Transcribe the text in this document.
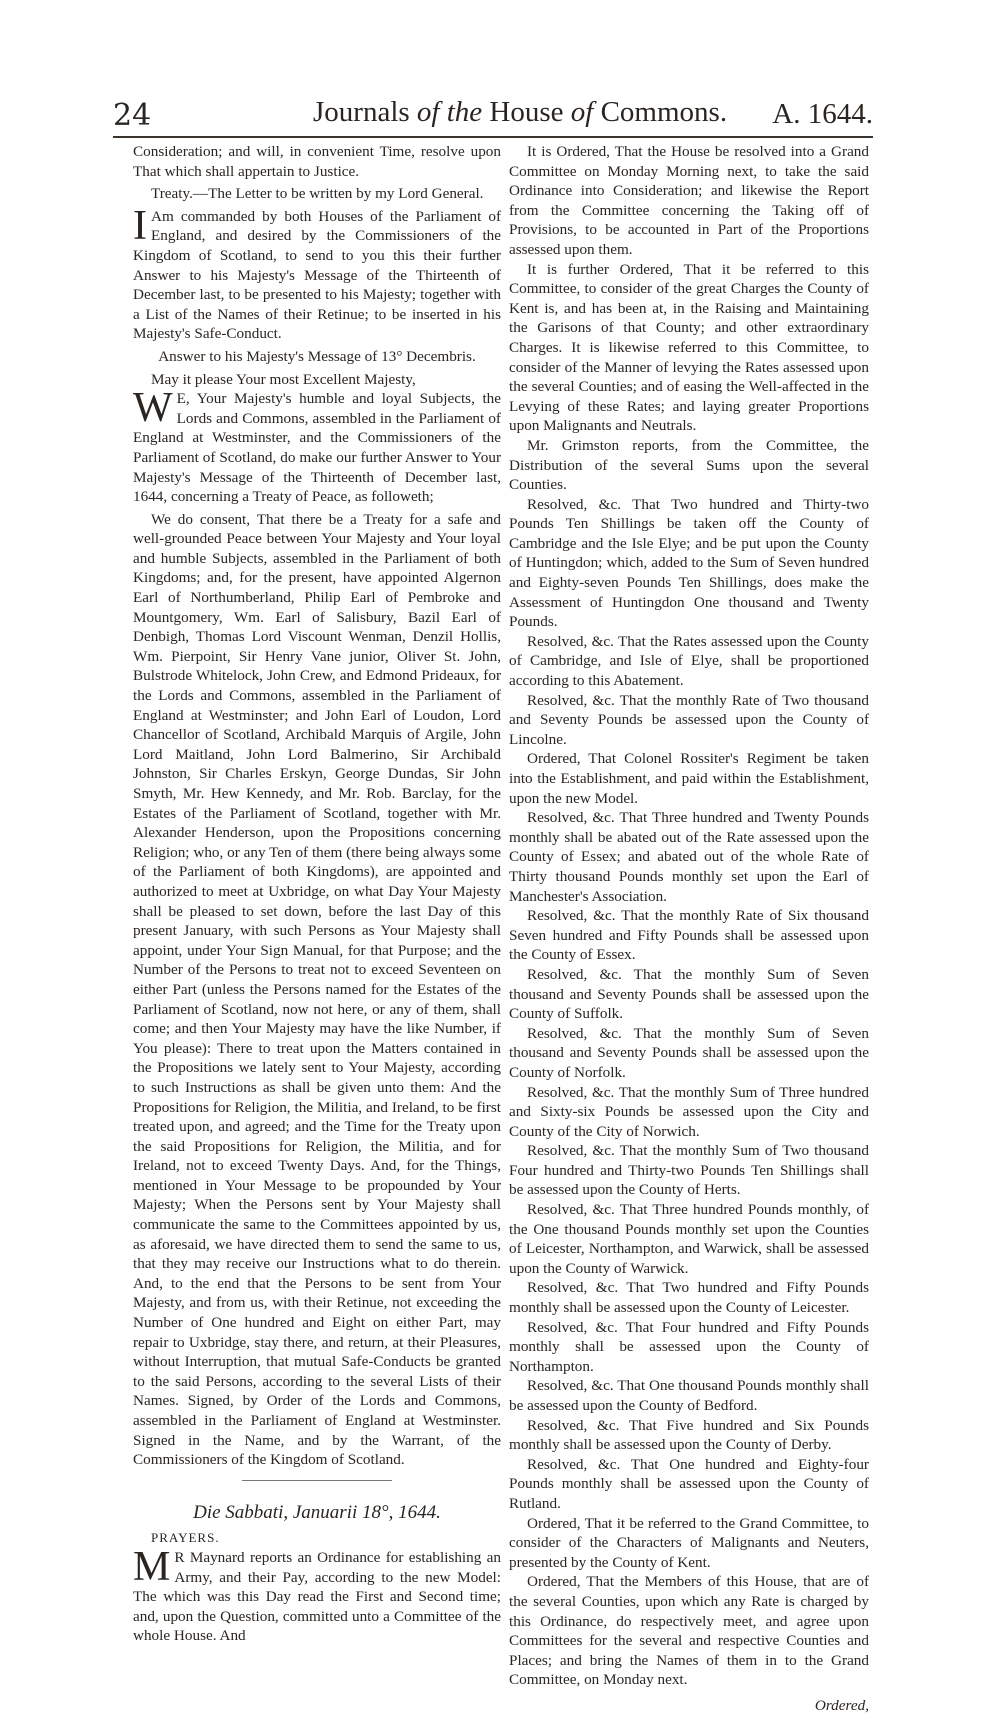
24	Journals of the House of Commons. A. 1644.

Consideration; and will, in convenient Time, resolve upon That which shall appertain to Justice.

Treaty.—The Letter to be written by my Lord General.

I Am commanded by both Houses of the Parliament of England, and desired by the Commissioners of the Kingdom of Scotland, to send to you this their further Answer to his Majesty's Message of the Thirteenth of December last, to be presented to his Majesty; together with a List of the Names of their Retinue; to be inserted in his Majesty's Safe-Conduct.

Answer to his Majesty's Message of 13° Decembris.

May it please Your most Excellent Majesty,

W E, Your Majesty's humble and loyal Subjects, the Lords and Commons, assembled in the Parliament of England at Westminster, and the Commissioners of the Parliament of Scotland, do make our further Answer to Your Majesty's Message of the Thirteenth of December last, 1644, concerning a Treaty of Peace, as followeth;

We do consent, That there be a Treaty for a safe and well-grounded Peace between Your Majesty and Your loyal and humble Subjects, assembled in the Parliament of both Kingdoms; and, for the present, have appointed Algernon Earl of Northumberland, Philip Earl of Pembroke and Mountgomery, Wm. Earl of Salisbury, Bazil Earl of Denbigh, Thomas Lord Viscount Wenman, Denzil Hollis, Wm. Pierpoint, Sir Henry Vane junior, Oliver St. John, Bulstrode Whitelock, John Crew, and Edmond Prideaux, for the Lords and Commons, assembled in the Parliament of England at Westminster; and John Earl of Loudon, Lord Chancellor of Scotland, Archibald Marquis of Argile, John Lord Maitland, John Lord Balmerino, Sir Archibald Johnston, Sir Charles Erskyn, George Dundas, Sir John Smyth, Mr. Hew Kennedy, and Mr. Rob. Barclay, for the Estates of the Parliament of Scotland, together with Mr. Alexander Henderson, upon the Propositions concerning Religion; who, or any Ten of them (there being always some of the Parliament of both Kingdoms), are appointed and authorized to meet at Uxbridge, on what Day Your Majesty shall be pleased to set down, before the last Day of this present January, with such Persons as Your Majesty shall appoint, under Your Sign Manual, for that Purpose; and the Number of the Persons to treat not to exceed Seventeen on either Part (unless the Persons named for the Estates of the Parliament of Scotland, now not here, or any of them, shall come; and then Your Majesty may have the like Number, if You please): There to treat upon the Matters contained in the Propositions we lately sent to Your Majesty, according to such Instructions as shall be given unto them: And the Propositions for Religion, the Militia, and Ireland, to be first treated upon, and agreed; and the Time for the Treaty upon the said Propositions for Religion, the Militia, and for Ireland, not to exceed Twenty Days. And, for the Things, mentioned in Your Message to be propounded by Your Majesty; When the Persons sent by Your Majesty shall communicate the same to the Committees appointed by us, as aforesaid, we have directed them to send the same to us, that they may receive our Instructions what to do therein. And, to the end that the Persons to be sent from Your Majesty, and from us, with their Retinue, not exceeding the Number of One hundred and Eight on either Part, may repair to Uxbridge, stay there, and return, at their Pleasures, without Interruption, that mutual Safe-Conducts be granted to the said Persons, according to the several Lists of their Names. Signed, by Order of the Lords and Commons, assembled in the Parliament of England at Westminster. Signed in the Name, and by the Warrant, of the Commissioners of the Kingdom of Scotland.

Die Sabbati, Januarii 18°, 1644.

PRAYERS.

M R Maynard reports an Ordinance for establishing an Army, and their Pay, according to the new Model: The which was this Day read the First and Second time; and, upon the Question, committed unto a Committee of the whole House. And

It is Ordered, That the House be resolved into a Grand Committee on Monday Morning next, to take the said Ordinance into Consideration; and likewise the Report from the Committee concerning the Taking off of Provisions, to be accounted in Part of the Proportions assessed upon them.

It is further Ordered, That it be referred to this Committee, to consider of the great Charges the County of Kent is, and has been at, in the Raising and Maintaining the Garisons of that County; and other extraordinary Charges. It is likewise referred to this Committee, to consider of the Manner of levying the Rates assessed upon the several Counties; and of easing the Well-affected in the Levying of these Rates; and laying greater Proportions upon Malignants and Neutrals.

Mr. Grimston reports, from the Committee, the Distribution of the several Sums upon the several Counties.

Resolved, &c. That Two hundred and Thirty-two Pounds Ten Shillings be taken off the County of Cambridge and the Isle Elye; and be put upon the County of Huntingdon; which, added to the Sum of Seven hundred and Eighty-seven Pounds Ten Shillings, does make the Assessment of Huntingdon One thousand and Twenty Pounds.

Resolved, &c. That the Rates assessed upon the County of Cambridge, and Isle of Elye, shall be proportioned according to this Abatement.

Resolved, &c. That the monthly Rate of Two thousand and Seventy Pounds be assessed upon the County of Lincolne.

Ordered, That Colonel Rossiter's Regiment be taken into the Establishment, and paid within the Establishment, upon the new Model.

Resolved, &c. That Three hundred and Twenty Pounds monthly shall be abated out of the Rate assessed upon the County of Essex; and abated out of the whole Rate of Thirty thousand Pounds monthly set upon the Earl of Manchester's Association.

Resolved, &c. That the monthly Rate of Six thousand Seven hundred and Fifty Pounds shall be assessed upon the County of Essex.

Resolved, &c. That the monthly Sum of Seven thousand and Seventy Pounds shall be assessed upon the County of Suffolk.

Resolved, &c. That the monthly Sum of Seven thousand and Seventy Pounds shall be assessed upon the County of Norfolk.

Resolved, &c. That the monthly Sum of Three hundred and Sixty-six Pounds be assessed upon the City and County of the City of Norwich.

Resolved, &c. That the monthly Sum of Two thousand Four hundred and Thirty-two Pounds Ten Shillings shall be assessed upon the County of Herts.

Resolved, &c. That Three hundred Pounds monthly, of the One thousand Pounds monthly set upon the Counties of Leicester, Northampton, and Warwick, shall be assessed upon the County of Warwick.

Resolved, &c. That Two hundred and Fifty Pounds monthly shall be assessed upon the County of Leicester.

Resolved, &c. That Four hundred and Fifty Pounds monthly shall be assessed upon the County of Northampton.

Resolved, &c. That One thousand Pounds monthly shall be assessed upon the County of Bedford.

Resolved, &c. That Five hundred and Six Pounds monthly shall be assessed upon the County of Derby.

Resolved, &c. That One hundred and Eighty-four Pounds monthly shall be assessed upon the County of Rutland.

Ordered, That it be referred to the Grand Committee, to consider of the Characters of Malignants and Neuters, presented by the County of Kent.

Ordered, That the Members of this House, that are of the several Counties, upon which any Rate is charged by this Ordinance, do respectively meet, and agree upon Committees for the several and respective Counties and Places; and bring the Names of them in to the Grand Committee, on Monday next.

Ordered,
